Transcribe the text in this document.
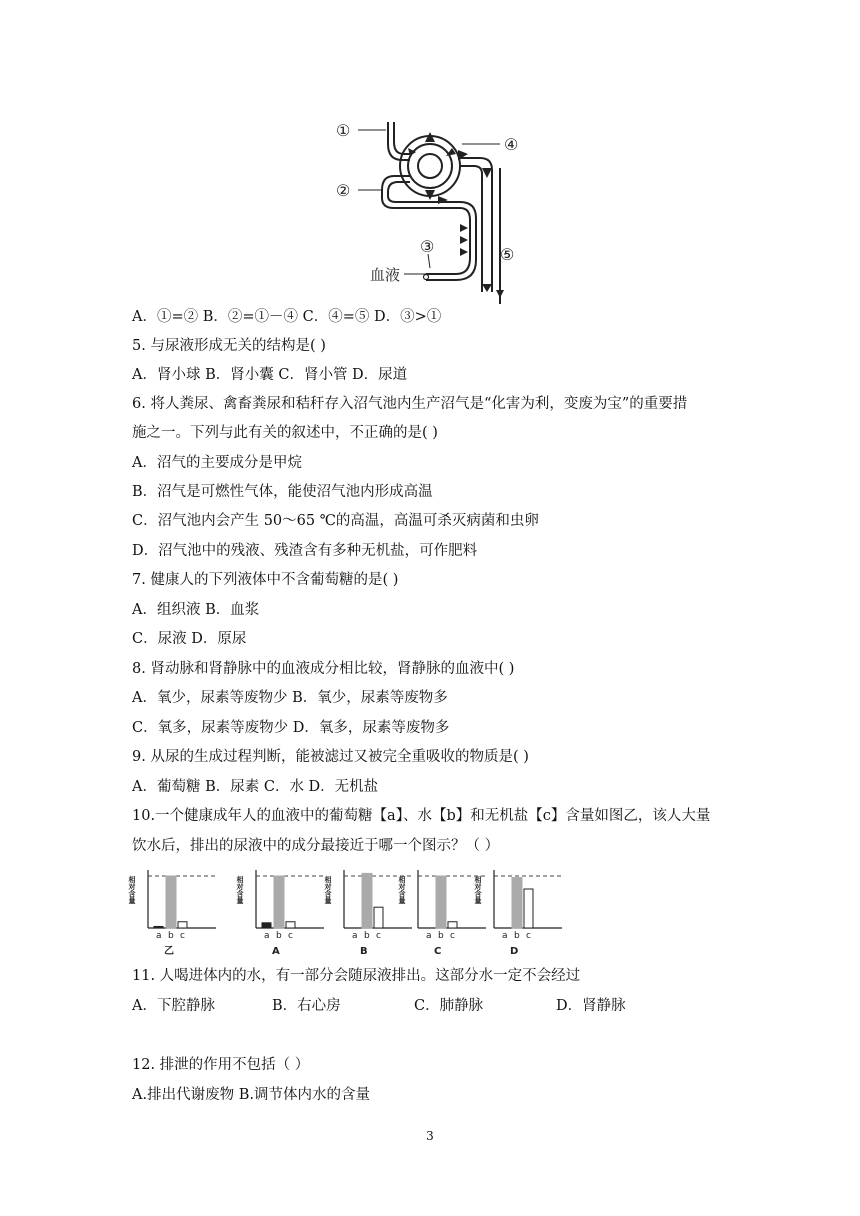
①
④
②
③	⑤
血液
A．①=② B．②=①－④ C．④=⑤ D．③>①
5. 与尿液形成无关的结构是( )
A．肾小球 B．肾小囊 C．肾小管 D．尿道
6. 将人粪尿、禽畜粪尿和秸秆存入沼气池内生产沼气是“化害为利，变废为宝”的重要措
施之一。下列与此有关的叙述中，不正确的是( )
A．沼气的主要成分是甲烷
B．沼气是可燃性气体，能使沼气池内形成高温
C．沼气池内会产生 50～65 ℃的高温，高温可杀灭病菌和虫卵
D．沼气池中的残液、残渣含有多种无机盐，可作肥料
7. 健康人的下列液体中不含葡萄糖的是( )
A．组织液 B．血浆
C．尿液 D．原尿
8. 肾动脉和肾静脉中的血液成分相比较，肾静脉的血液中( )
A．氧少，尿素等废物少 B．氧少，尿素等废物多
C．氧多，尿素等废物少 D．氧多，尿素等废物多
9. 从尿的生成过程判断，能被滤过又被完全重吸收的物质是( )
A．葡萄糖 B．尿素 C．水 D．无机盐
10.一个健康成年人的血液中的葡萄糖【a】、水【b】和无机盐【c】含量如图乙，该人大量
饮水后，排出的尿液中的成分最接近于哪一个图示？（ ）
相对含量
a b c
乙
相对含量
a b c
A
相对含量
a b c
B
相对含量
a b c
C
相对含量
a b c
D
11. 人喝进体内的水，有一部分会随尿液排出。这部分水一定不会经过
A．下腔静脉	B．右心房	C．肺静脉	D．肾静脉
12. 排泄的作用不包括（ ）
A.排出代谢废物 B.调节体内水的含量
3
